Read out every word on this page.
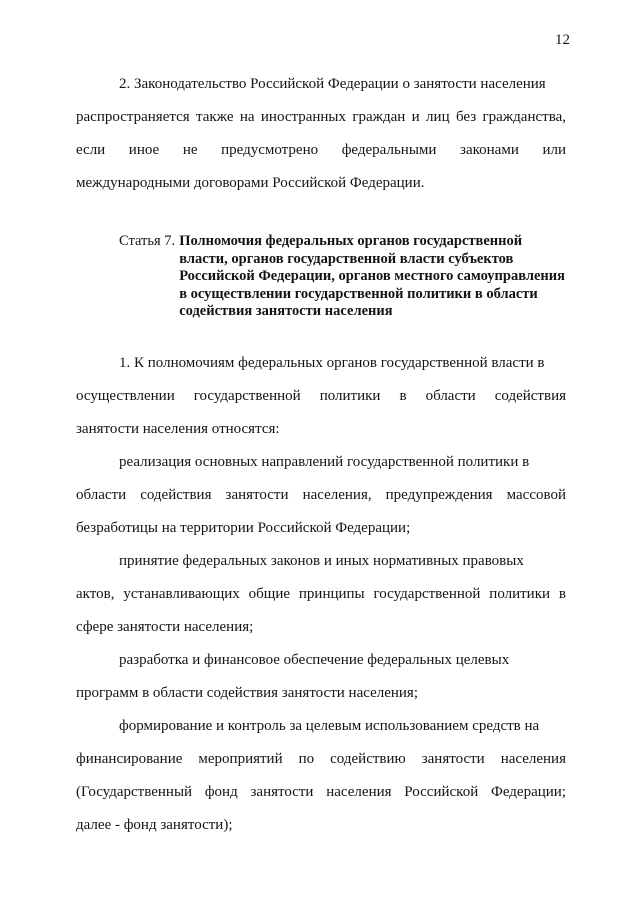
12
2. Законодательство Российской Федерации о занятости населения
распространяется также на иностранных граждан и лиц без гражданства,
если иное не предусмотрено федеральными законами или
международными договорами Российской Федерации.
Статья 7. Полномочия федеральных органов государственной
власти, органов государственной власти субъектов
Российской Федерации, органов местного самоуправления
в осуществлении государственной политики в области
содействия занятости населения
1. К полномочиям федеральных органов государственной власти в
осуществлении государственной политики в области содействия
занятости населения относятся:
реализация основных направлений государственной политики в
области содействия занятости населения, предупреждения массовой
безработицы на территории Российской Федерации;
принятие федеральных законов и иных нормативных правовых
актов, устанавливающих общие принципы государственной политики в
сфере занятости населения;
разработка и финансовое обеспечение федеральных целевых
программ в области содействия занятости населения;
формирование и контроль за целевым использованием средств на
финансирование мероприятий по содействию занятости населения
(Государственный фонд занятости населения Российской Федерации;
далее - фонд занятости);
